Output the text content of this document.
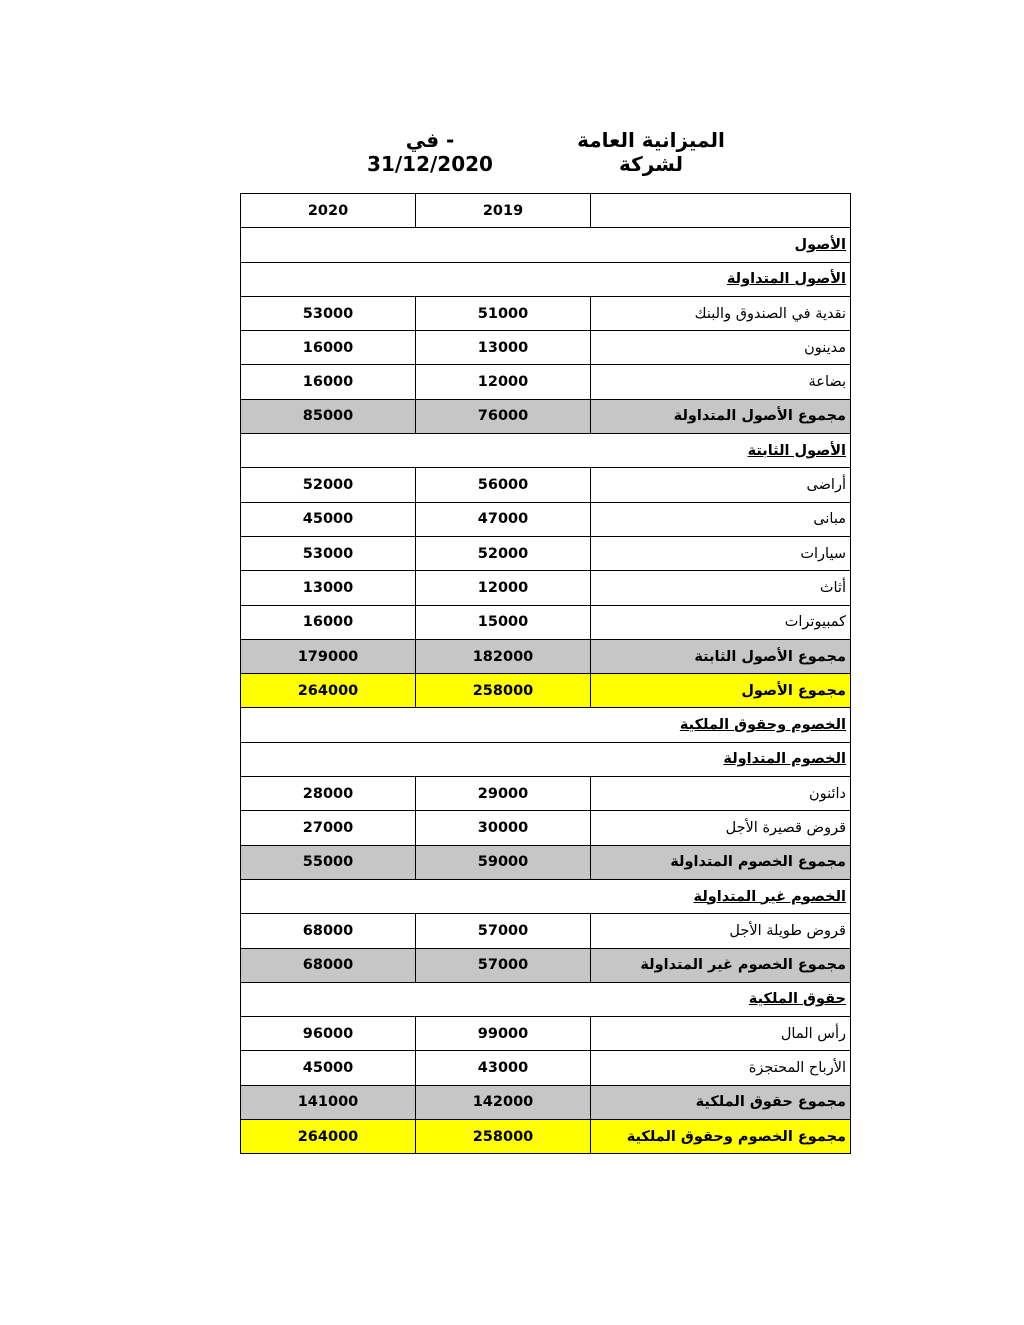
الميزانية العامة لشركة
- في 31/12/2020
2020	2019	
الأصول		
الأصول المتداولة		
53000	51000	نقدية في الصندوق والبنك
16000	13000	مدينون
16000	12000	بضاعة
85000	76000	مجموع الأصول المتداولة
الأصول الثابتة		
52000	56000	أراضى
45000	47000	مبانى
53000	52000	سيارات
13000	12000	أثاث
16000	15000	كمبيوترات
179000	182000	مجموع الأصول الثابتة
264000	258000	مجموع الأصول
الخصوم وحقوق الملكية		
الخصوم المتداولة		
28000	29000	دائنون
27000	30000	قروض قصيرة الأجل
55000	59000	مجموع الخصوم المتداولة
الخصوم غير المتداولة		
68000	57000	قروض طويلة الأجل
68000	57000	مجموع الخصوم غير المتداولة
حقوق الملكية		
96000	99000	رأس المال
45000	43000	الأرباح المحتجزة
141000	142000	مجموع حقوق الملكية
264000	258000	مجموع الخصوم وحقوق الملكية
